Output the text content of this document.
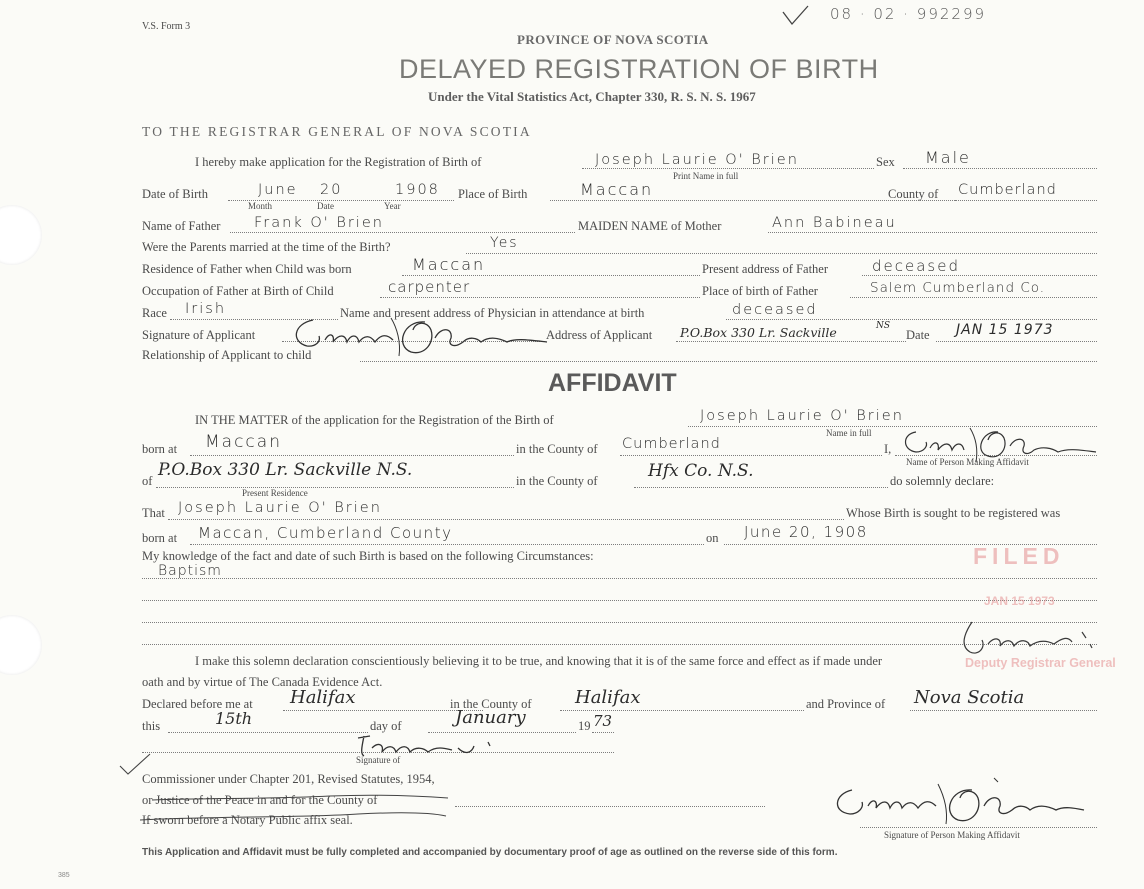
V.S. Form 3
08 · 02 · 992299
PROVINCE OF NOVA SCOTIA
DELAYED REGISTRATION OF BIRTH
Under the Vital Statistics Act, Chapter 330, R. S. N. S. 1967
TO THE REGISTRAR GENERAL OF NOVA SCOTIA
I hereby make application for the Registration of Birth of	Joseph Laurie O' Brien	Sex Male
Print Name in full
Date of Birth	June 20	1908 Place of Birth	Maccan	County of Cumberland
Month	Date	Year
Name of Father Frank O' Brien	MAIDEN NAME of Mother	Ann Babineau
Were the Parents married at the time of the Birth?	Yes
Residence of Father when Child was born	Maccan	Present address of Father	deceased
Occupation of Father at Birth of Child	carpenter	Place of birth of Father	Salem Cumberland Co.
Race Irish	Name and present address of Physician in attendance at birth	deceased
Signature of Applicant	Address of Applicant P.O.Box 330 Lr. Sackville	NS
Date JAN 15 1973
Relationship of Applicant to child
AFFIDAVIT
IN THE MATTER of the application for the Registration of the Birth of	Joseph Laurie O' Brien
Name in full
born at Maccan	in the County of Cumberland	I,
Name of Person Making Affidavit
of
P.O.Box 330 Lr. Sackville N.S.
Present Residence
in the County of	Hfx Co. N.S.	do solemnly declare:
That Joseph Laurie O' Brien	Whose Birth is sought to be registered was
born at Maccan, Cumberland County	on June 20, 1908
My knowledge of the fact and date of such Birth is based on the following Circumstances:
Baptism
FILED
JAN 15 1973
Deputy Registrar General
I make this solemn declaration conscientiously believing it to be true, and knowing that it is of the same force and effect as if made under
oath and by virtue of The Canada Evidence Act.
Declared before me at Halifax	in the County of Halifax	and Province of Nova Scotia
this	15th	day of	January	19 73
Signature of
Commissioner under Chapter 201, Revised Statutes, 1954,
or Justice of the Peace in and for the County of
If sworn before a Notary Public affix seal.
Signature of Person Making Affidavit
This Application and Affidavit must be fully completed and accompanied by documentary proof of age as outlined on the reverse side of this form.
385
